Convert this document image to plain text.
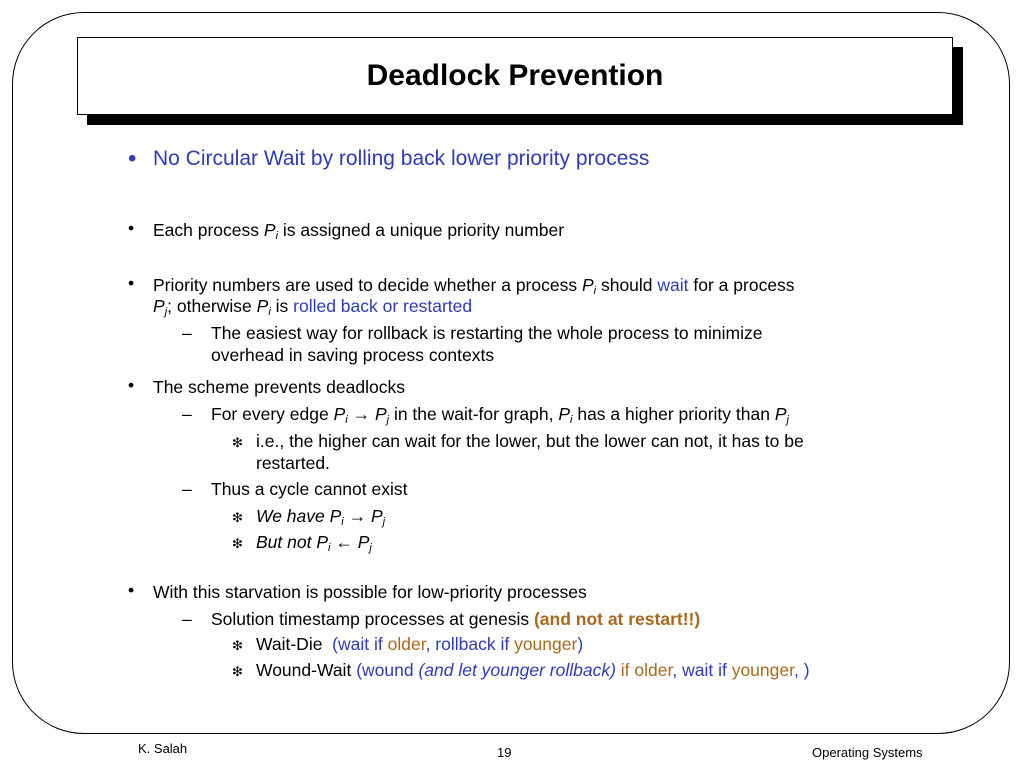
Deadlock Prevention
• No Circular Wait by rolling back lower priority process
• Each process $P_i$ is assigned a unique priority number
• Priority numbers are used to decide whether a process $P_i$ should wait for a process
$P_j$; otherwise $P_i$ is rolled back or restarted
– The easiest way for rollback is restarting the whole process to minimize
overhead in saving process contexts
• The scheme prevents deadlocks
– For every edge $P_i \to P_j$ in the wait-for graph, $P_i$ has a higher priority than $P_j$
❇ i.e., the higher can wait for the lower, but the lower can not, it has to be
restarted.
– Thus a cycle cannot exist
❇ We have $P_i \to P_j$
❇ But not $P_i$ ← $P_j$
• With this starvation is possible for low-priority processes
– Solution timestamp processes at genesis (and not at restart!!)
❇ Wait-Die (wait if older, rollback if younger)
❇ Wound-Wait (wound (and let younger rollback) if older, wait if younger, )
K. Salah	19	Operating Systems
